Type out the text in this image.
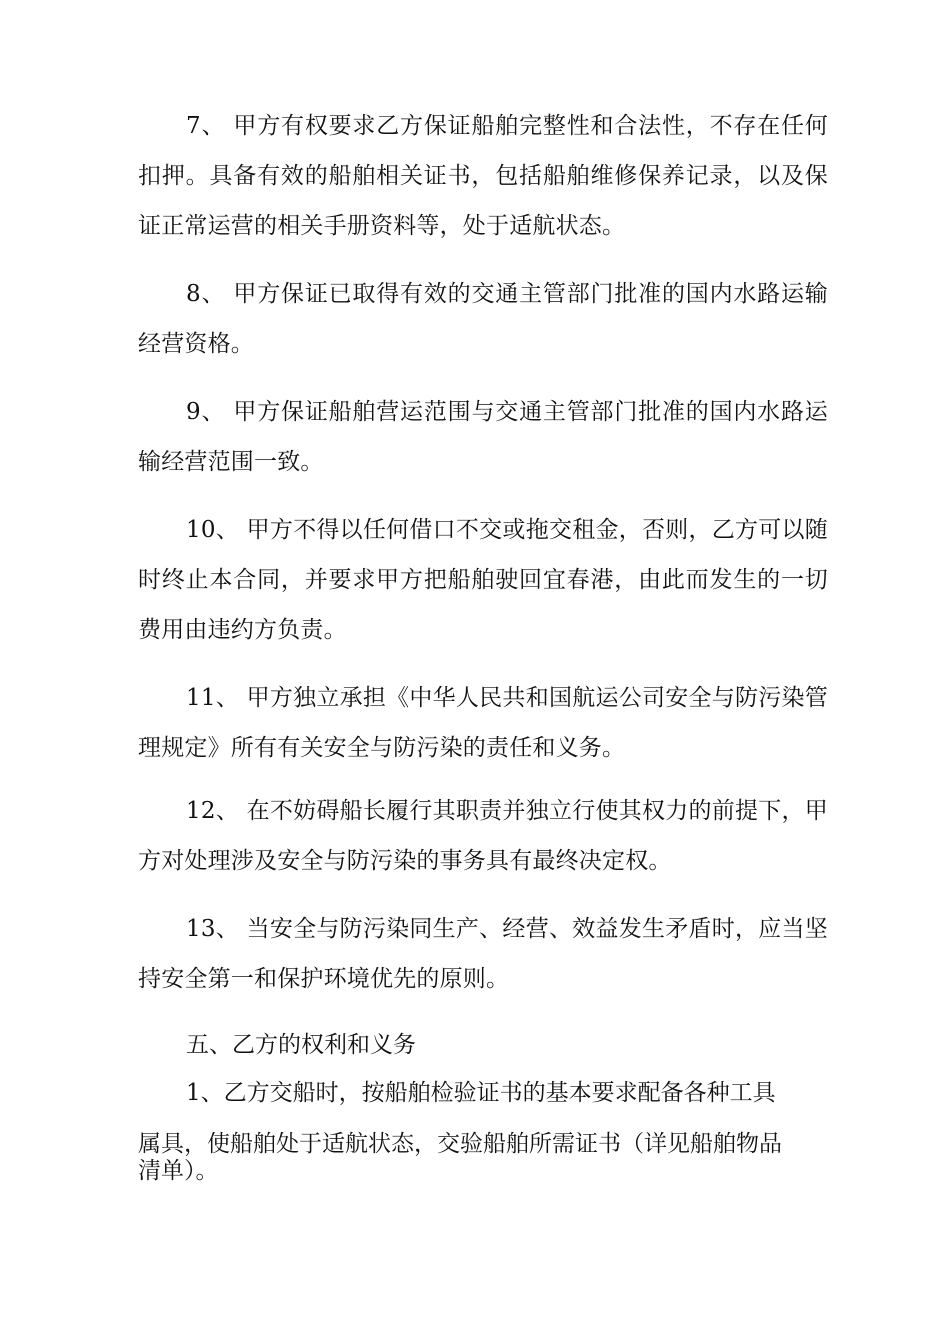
7、 甲方有权要求乙方保证船舶完整性和合法性，不存在任何扣押。具备有效的船舶相关证书，包括船舶维修保养记录，以及保证正常运营的相关手册资料等，处于适航状态。

8、 甲方保证已取得有效的交通主管部门批准的国内水路运输经营资格。

9、 甲方保证船舶营运范围与交通主管部门批准的国内水路运输经营范围一致。

10、 甲方不得以任何借口不交或拖交租金，否则，乙方可以随时终止本合同，并要求甲方把船舶驶回宜春港，由此而发生的一切费用由违约方负责。

11、 甲方独立承担《中华人民共和国航运公司安全与防污染管理规定》所有有关安全与防污染的责任和义务。

12、 在不妨碍船长履行其职责并独立行使其权力的前提下，甲方对处理涉及安全与防污染的事务具有最终决定权。

13、 当安全与防污染同生产、经营、效益发生矛盾时，应当坚持安全第一和保护环境优先的原则。

五、乙方的权利和义务
1、乙方交船时，按船舶检验证书的基本要求配备各种工具
属具，使船舶处于适航状态，交验船舶所需证书（详见船舶物品
清单）。
